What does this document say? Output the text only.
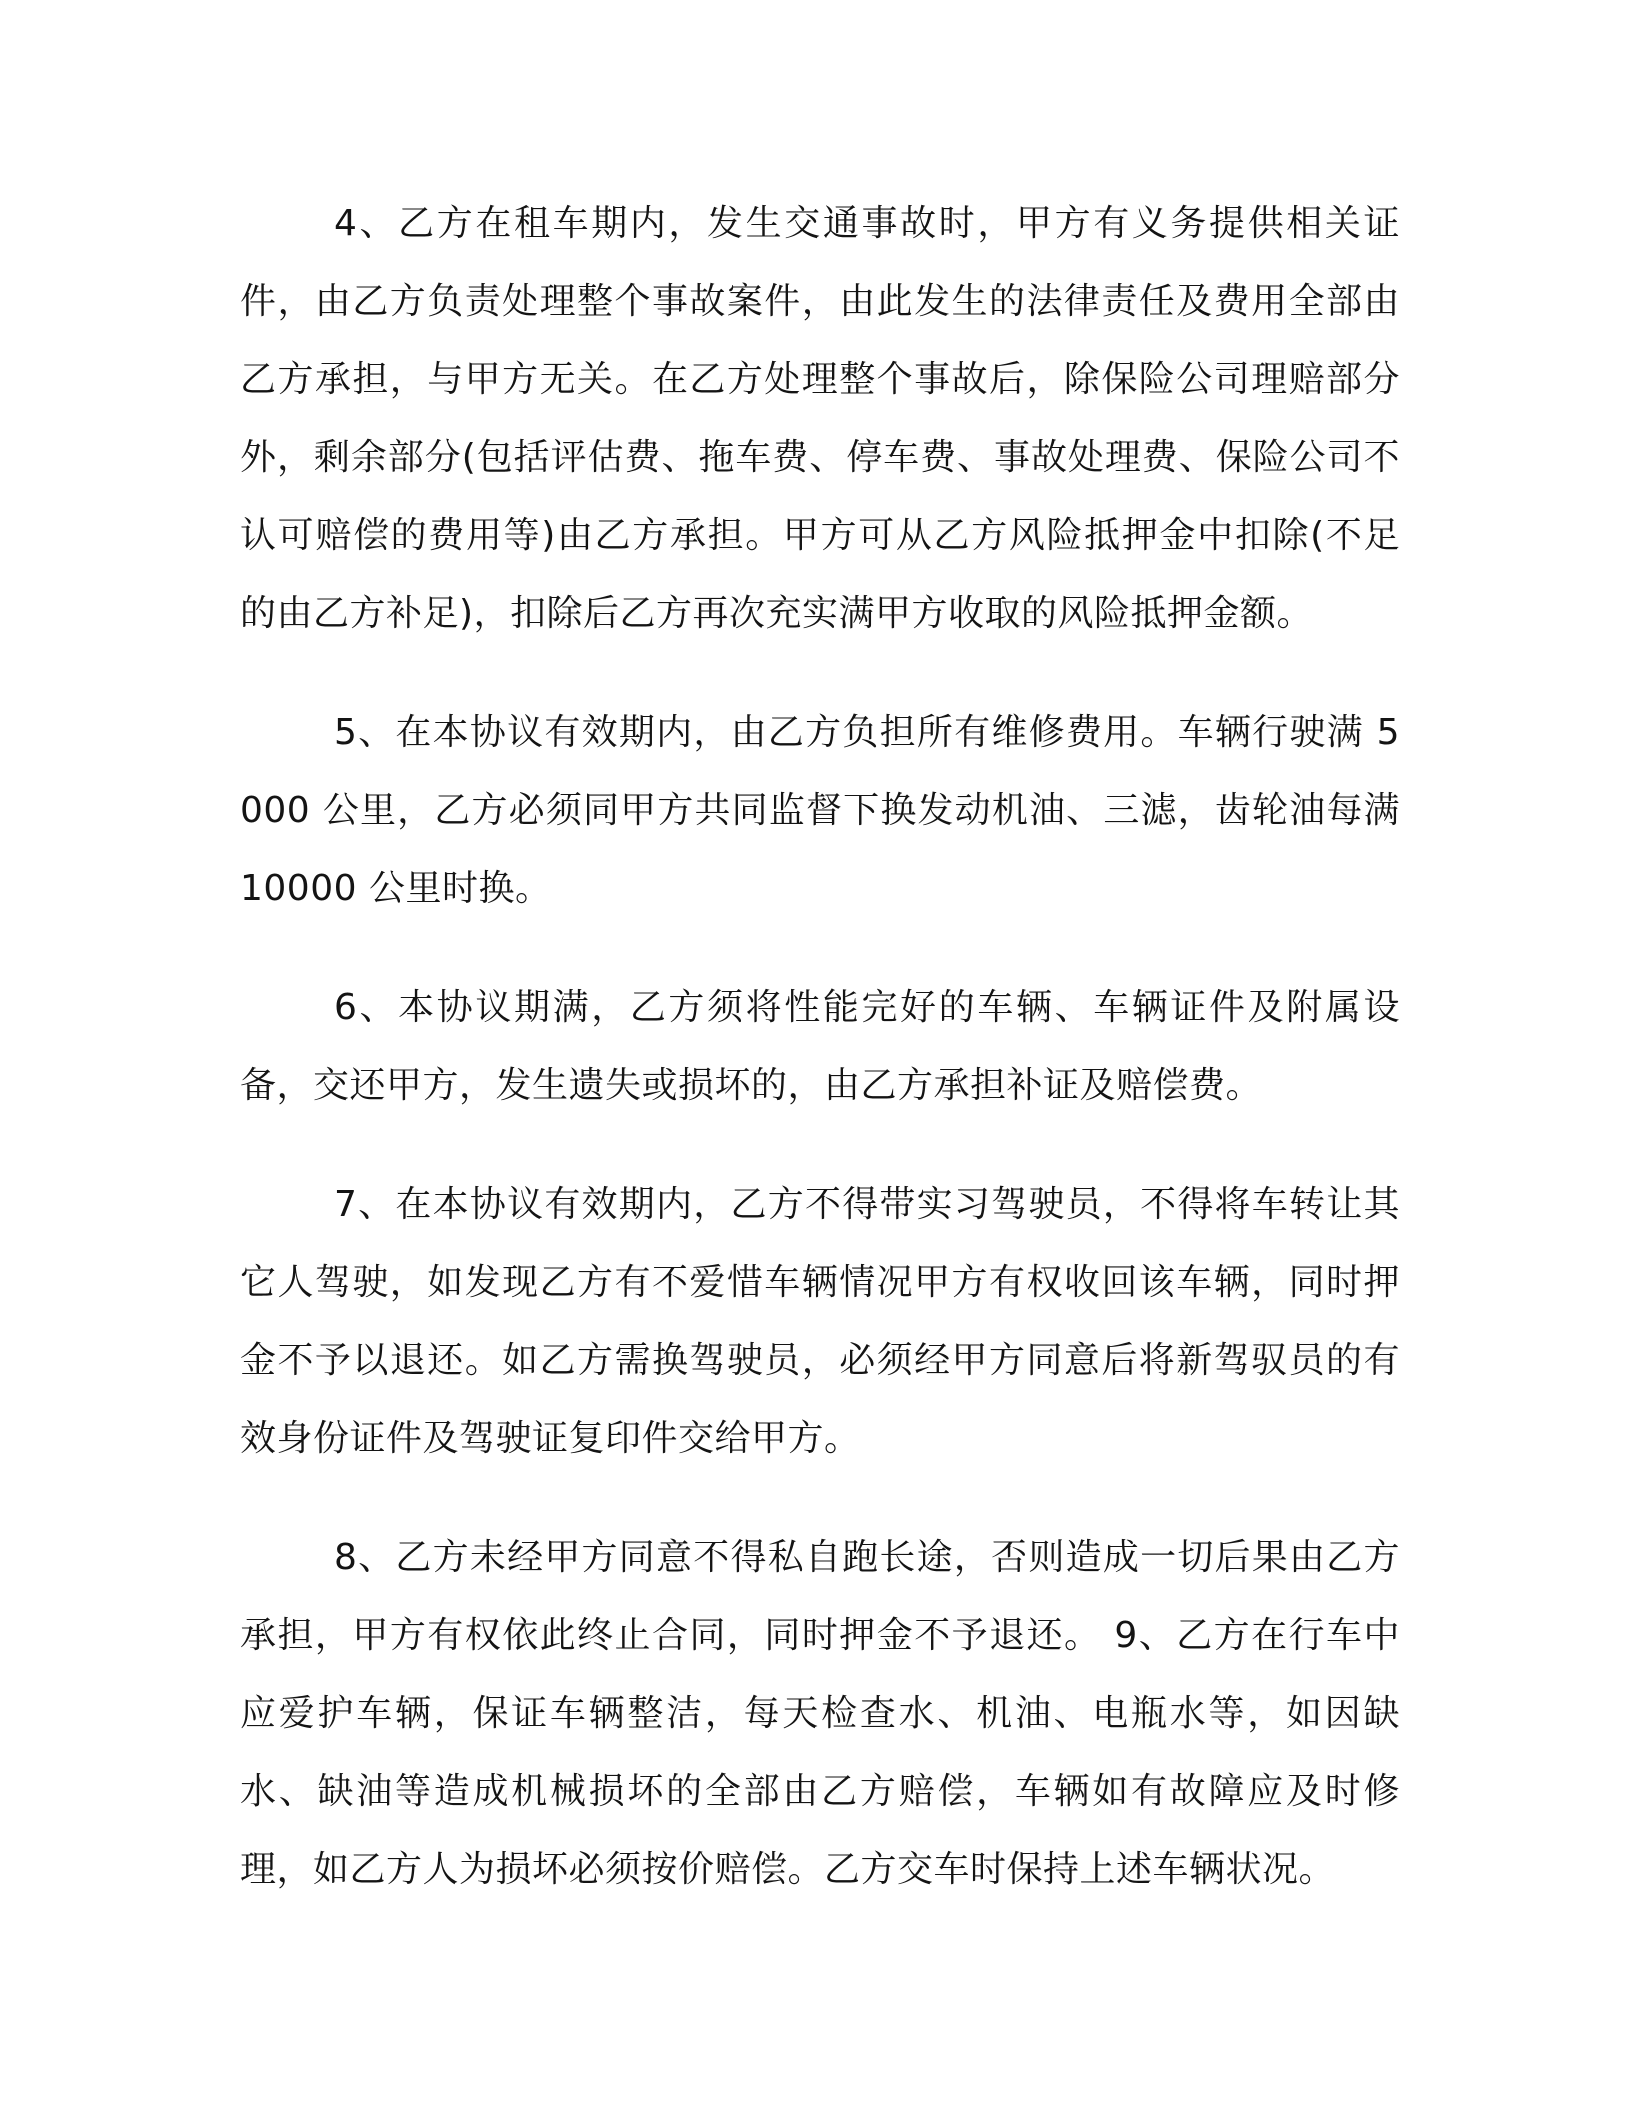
4、乙方在租车期内，发生交通事故时，甲方有义务提供相关证件，由乙方负责处理整个事故案件，由此发生的法律责任及费用全部由乙方承担，与甲方无关。在乙方处理整个事故后，除保险公司理赔部分外，剩余部分(包括评估费、拖车费、停车费、事故处理费、保险公司不认可赔偿的费用等)由乙方承担。甲方可从乙方风险抵押金中扣除(不足的由乙方补足)，扣除后乙方再次充实满甲方收取的风险抵押金额。

5、在本协议有效期内，由乙方负担所有维修费用。车辆行驶满 5000 公里，乙方必须同甲方共同监督下换发动机油、三滤，齿轮油每满 10000 公里时换。

6、本协议期满，乙方须将性能完好的车辆、车辆证件及附属设备，交还甲方，发生遗失或损坏的，由乙方承担补证及赔偿费。

7、在本协议有效期内，乙方不得带实习驾驶员，不得将车转让其它人驾驶，如发现乙方有不爱惜车辆情况甲方有权收回该车辆，同时押金不予以退还。如乙方需换驾驶员，必须经甲方同意后将新驾驭员的有效身份证件及驾驶证复印件交给甲方。

8、乙方未经甲方同意不得私自跑长途，否则造成一切后果由乙方承担，甲方有权依此终止合同，同时押金不予退还。 9、乙方在行车中应爱护车辆，保证车辆整洁，每天检查水、机油、电瓶水等，如因缺水、缺油等造成机械损坏的全部由乙方赔偿，车辆如有故障应及时修理，如乙方人为损坏必须按价赔偿。乙方交车时保持上述车辆状况。
